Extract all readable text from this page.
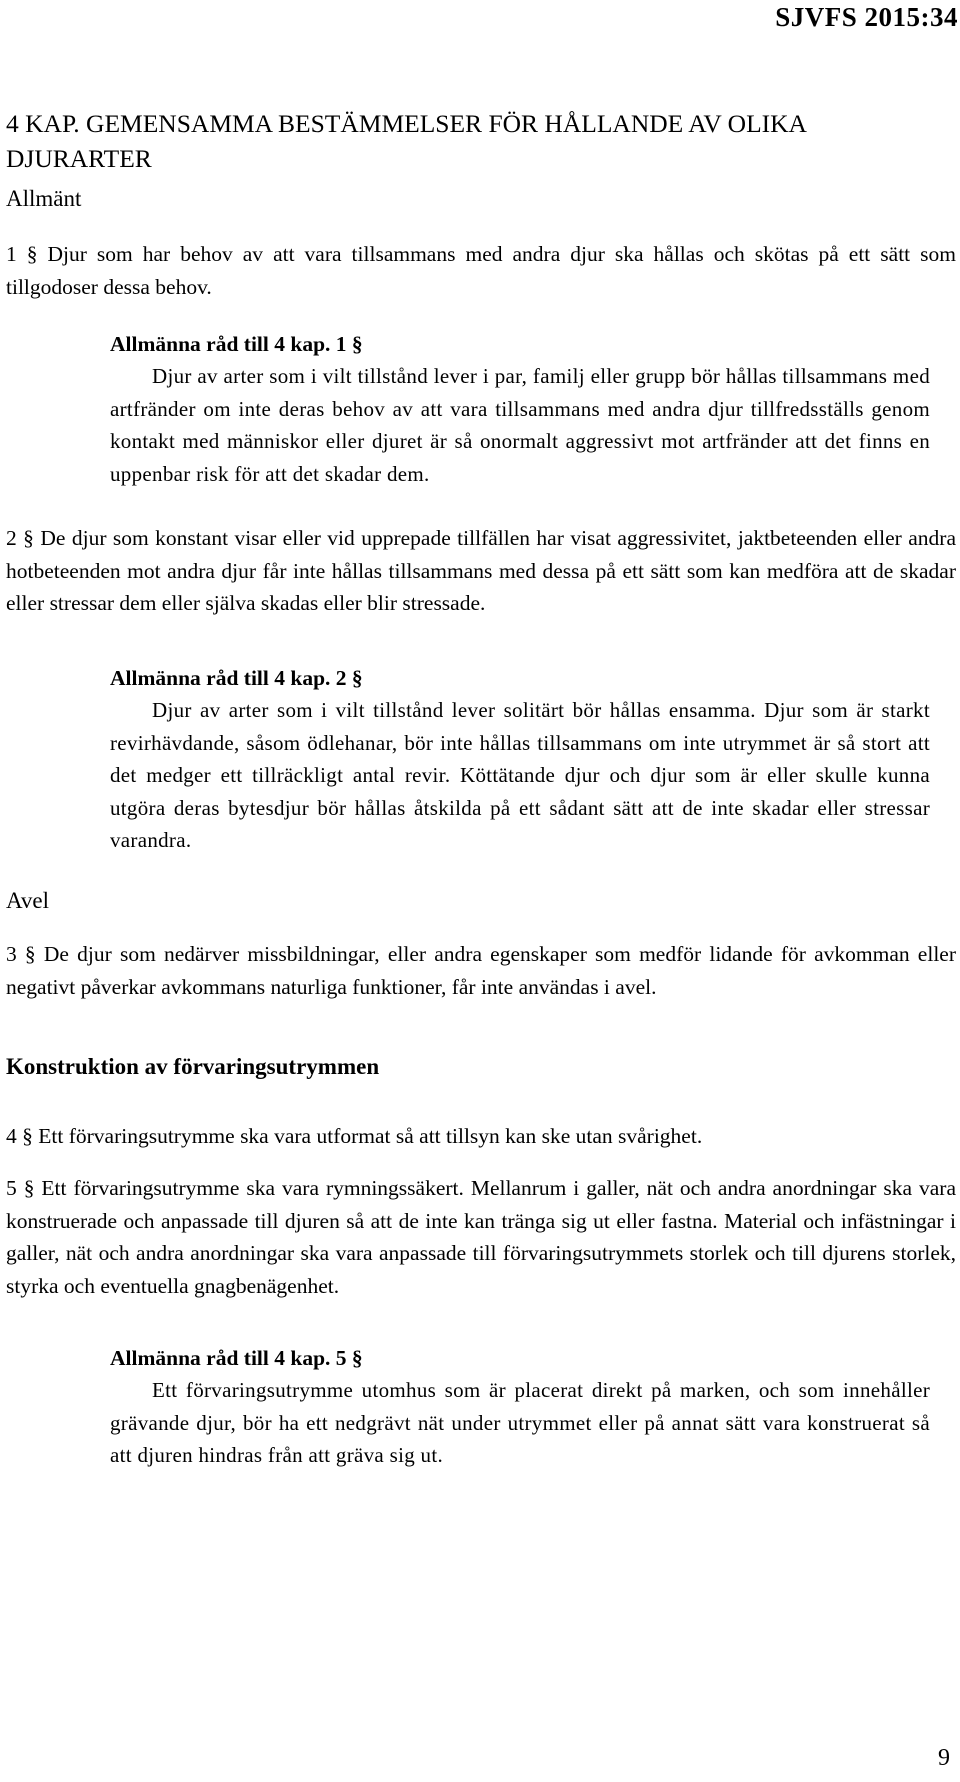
SJVFS 2015:34
4 KAP. GEMENSAMMA BESTÄMMELSER FÖR HÅLLANDE AV OLIKA DJURARTER
Allmänt

1 § Djur som har behov av att vara tillsammans med andra djur ska hållas och skötas på ett sätt som tillgodoser dessa behov.

Allmänna råd till 4 kap. 1 §

Djur av arter som i vilt tillstånd lever i par, familj eller grupp bör hållas tillsammans med artfränder om inte deras behov av att vara tillsammans med andra djur tillfredsställs genom kontakt med människor eller djuret är så onormalt aggressivt mot artfränder att det finns en uppenbar risk för att det skadar dem.

2 § De djur som konstant visar eller vid upprepade tillfällen har visat aggressivitet, jaktbeteenden eller andra hotbeteenden mot andra djur får inte hållas tillsammans med dessa på ett sätt som kan medföra att de skadar eller stressar dem eller själva skadas eller blir stressade.

Allmänna råd till 4 kap. 2 §

Djur av arter som i vilt tillstånd lever solitärt bör hållas ensamma. Djur som är starkt revirhävdande, såsom ödlehanar, bör inte hållas tillsammans om inte utrymmet är så stort att det medger ett tillräckligt antal revir. Köttätande djur och djur som är eller skulle kunna utgöra deras bytesdjur bör hållas åtskilda på ett sådant sätt att de inte skadar eller stressar varandra.

Avel

3 § De djur som nedärver missbildningar, eller andra egenskaper som medför lidande för avkomman eller negativt påverkar avkommans naturliga funktioner, får inte användas i avel.

Konstruktion av förvaringsutrymmen

4 § Ett förvaringsutrymme ska vara utformat så att tillsyn kan ske utan svårighet.

5 § Ett förvaringsutrymme ska vara rymningssäkert. Mellanrum i galler, nät och andra anordningar ska vara konstruerade och anpassade till djuren så att de inte kan tränga sig ut eller fastna. Material och infästningar i galler, nät och andra anordningar ska vara anpassade till förvaringsutrymmets storlek och till djurens storlek, styrka och eventuella gnagbenägenhet.

Allmänna råd till 4 kap. 5 §

Ett förvaringsutrymme utomhus som är placerat direkt på marken, och som innehåller grävande djur, bör ha ett nedgrävt nät under utrymmet eller på annat sätt vara konstruerat så att djuren hindras från att gräva sig ut.

9
